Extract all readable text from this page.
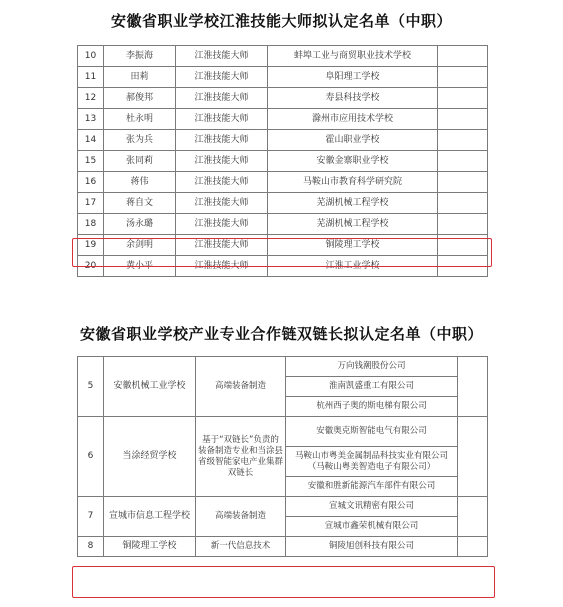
安徽省职业学校江淮技能大师拟认定名单（中职）
10	李振海	江淮技能大师	蚌埠工业与商贸职业技术学校	
11	田莉	江淮技能大师	阜阳理工学校	
12	郝俊邦	江淮技能大师	寿县科技学校	
13	杜永明	江淮技能大师	滁州市应用技术学校	
14	张为兵	江淮技能大师	霍山职业学校	
15	张同莉	江淮技能大师	安徽金寨职业学校	
16	蒋伟	江淮技能大师	马鞍山市教育科学研究院	
17	蒋自文	江淮技能大师	芜湖机械工程学校	
18	汤永璐	江淮技能大师	芜湖机械工程学校	
19	余剑明	江淮技能大师	铜陵理工学校	
20	黄小平	江淮技能大师	江淮工业学校	
安徽省职业学校产业专业合作链双链长拟认定名单（中职）
5	安徽机械工业学校	高端装备制造	万向钱潮股份公司	
			淮南凯盛重工有限公司	
			杭州西子奥的斯电梯有限公司	
6	当涂经贸学校	基于“双链长”负责的装备制造专业和当涂县省级智能家电产业集群双链长	安徽奥克斯智能电气有限公司	
			马鞍山市粤美金属制品科技实业有限公司（马鞍山粤美智造电子有限公司）	
			安徽和胜新能源汽车部件有限公司	
7	宣城市信息工程学校	高端装备制造	宣城文讯精密有限公司	
			宣城市鑫荣机械有限公司	
8	铜陵理工学校	新一代信息技术	铜陵旭创科技有限公司	
